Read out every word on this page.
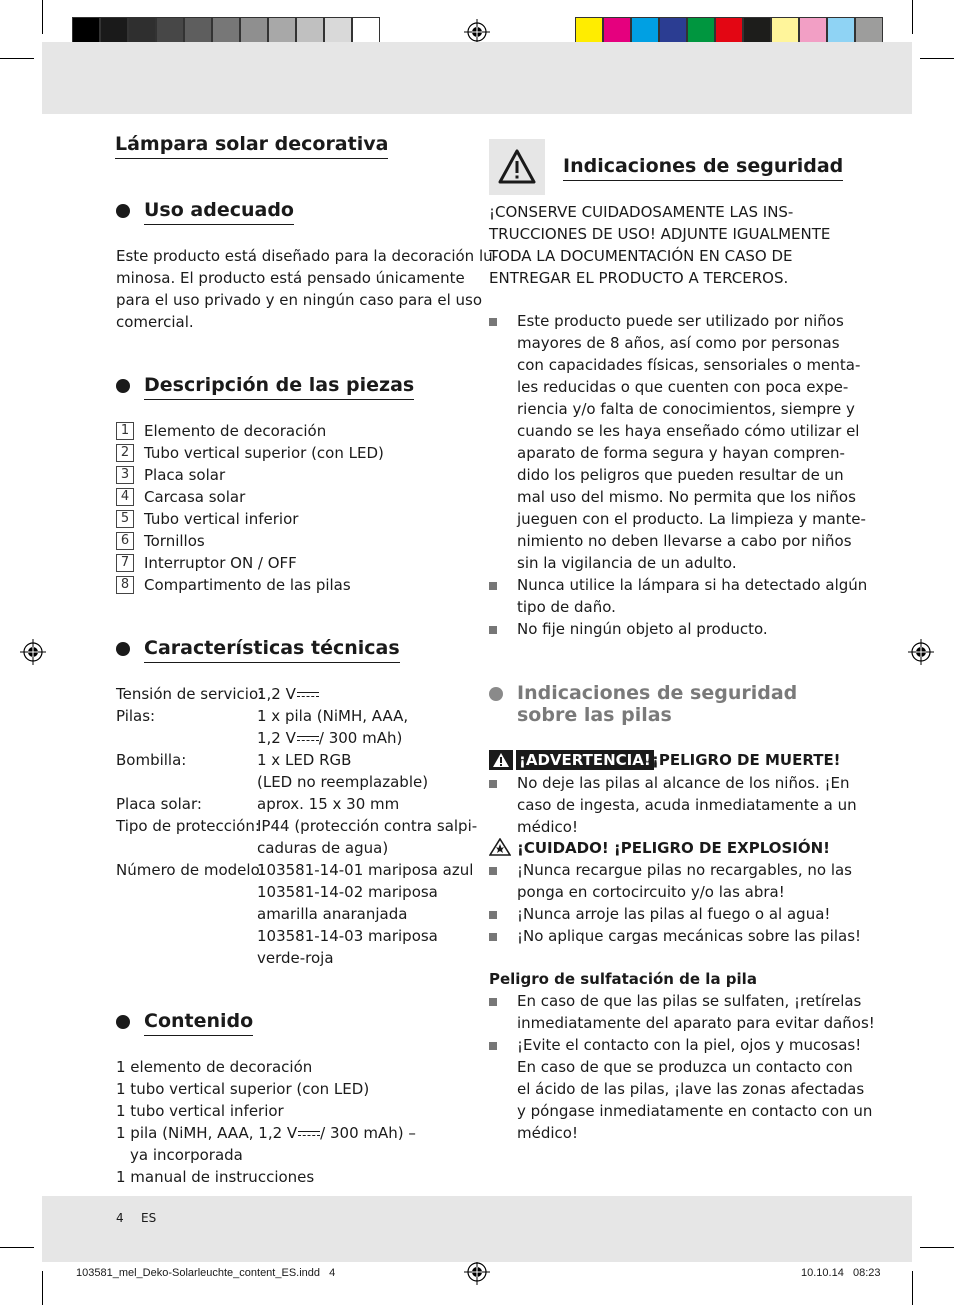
Lámpara solar decorativa
Uso adecuado
Este producto está diseñado para la decoración lu-
minosa. El producto está pensado únicamente
para el uso privado y en ningún caso para el uso
comercial.
Descripción de las piezas
1 Elemento de decoración
2 Tubo vertical superior (con LED)
3 Placa solar
4 Carcasa solar
5 Tubo vertical inferior
6 Tornillos
7 Interruptor ON / OFF
8 Compartimento de las pilas
Características técnicas
Tensión de servicio:
1,2 V
Pilas:	1 x pila (NiMH, AAA,
1,2 V / 300 mAh)
Bombilla:	1 x LED RGB
(LED no reemplazable)
Placa solar:	aprox. 15 x 30 mm
Tipo de protección:
IP44 (protección contra salpi-
caduras de agua)
Número de modelo:
103581-14-01 mariposa azul
103581-14-02 mariposa
amarilla anaranjada
103581-14-03 mariposa
verde-roja
Contenido
1 elemento de decoración
1 tubo vertical superior (con LED)
1 tubo vertical inferior
1 pila (NiMH, AAA, 1,2 V / 300 mAh) –
ya incorporada
1 manual de instrucciones
Indicaciones de seguridad
¡CONSERVE CUIDADOSAMENTE LAS INS-
TRUCCIONES DE USO! ADJUNTE IGUALMENTE
TODA LA DOCUMENTACIÓN EN CASO DE
ENTREGAR EL PRODUCTO A TERCEROS.
Este producto puede ser utilizado por niños
mayores de 8 años, así como por personas
con capacidades físicas, sensoriales o menta-
les reducidas o que cuenten con poca expe-
riencia y/o falta de conocimientos, siempre y
cuando se les haya enseñado cómo utilizar el
aparato de forma segura y hayan compren-
dido los peligros que pueden resultar de un
mal uso del mismo. No permita que los niños
jueguen con el producto. La limpieza y mante-
nimiento no deben llevarse a cabo por niños
sin la vigilancia de un adulto.
Nunca utilice la lámpara si ha detectado algún
tipo de daño.
No fije ningún objeto al producto.
Indicaciones de seguridad
sobre las pilas
¡ADVERTENCIA! ¡PELIGRO DE MUERTE!
No deje las pilas al alcance de los niños. ¡En
caso de ingesta, acuda inmediatamente a un
médico!
¡CUIDADO! ¡PELIGRO DE EXPLOSIÓN!
¡Nunca recargue pilas no recargables, no las
ponga en cortocircuito y/o las abra!
¡Nunca arroje las pilas al fuego o al agua!
¡No aplique cargas mecánicas sobre las pilas!
Peligro de sulfatación de la pila
En caso de que las pilas se sulfaten, ¡retírelas
inmediatamente del aparato para evitar daños!
¡Evite el contacto con la piel, ojos y mucosas!
En caso de que se produzca un contacto con
el ácido de las pilas, ¡lave las zonas afectadas
y póngase inmediatamente en contacto con un
médico!
4 ES
103581_mel_Deko-Solarleuchte_content_ES.indd   4	10.10.14   08:23
